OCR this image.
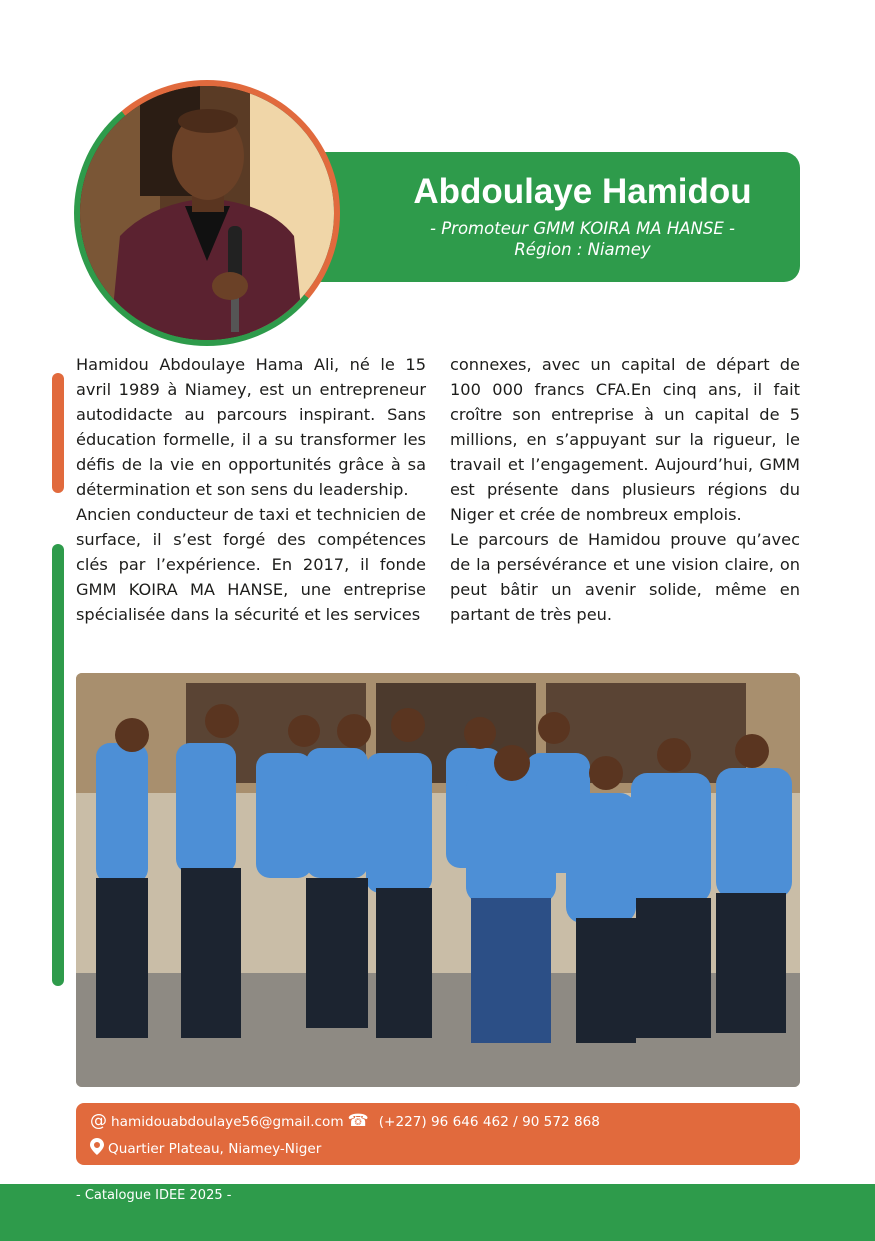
Abdoulaye Hamidou
- Promoteur GMM KOIRA MA HANSE -
Région : Niamey

Hamidou Abdoulaye Hama Ali, né le 15 avril 1989 à Niamey, est un entrepreneur autodidacte au parcours inspirant. Sans éducation formelle, il a su transformer les défis de la vie en opportunités grâce à sa détermination et son sens du leadership.

Ancien conducteur de taxi et technicien de surface, il s’est forgé des compétences clés par l’expérience. En 2017, il fonde GMM KOIRA MA HANSE, une entreprise spécialisée dans la sécurité et les services

connexes, avec un capital de départ de 100 000 francs CFA.En cinq ans, il fait croître son entreprise à un capital de 5 millions, en s’appuyant sur la rigueur, le travail et l’engagement. Aujourd’hui, GMM est présente dans plusieurs régions du Niger et crée de nombreux emplois.

Le parcours de Hamidou prouve qu’avec de la persévérance et une vision claire, on peut bâtir un avenir solide, même en partant de très peu.

@ hamidouabdoulaye56@gmail.com ☎ (+227) 96 646 462 / 90 572 868
Quartier Plateau, Niamey-Niger
- Catalogue IDEE 2025 -
